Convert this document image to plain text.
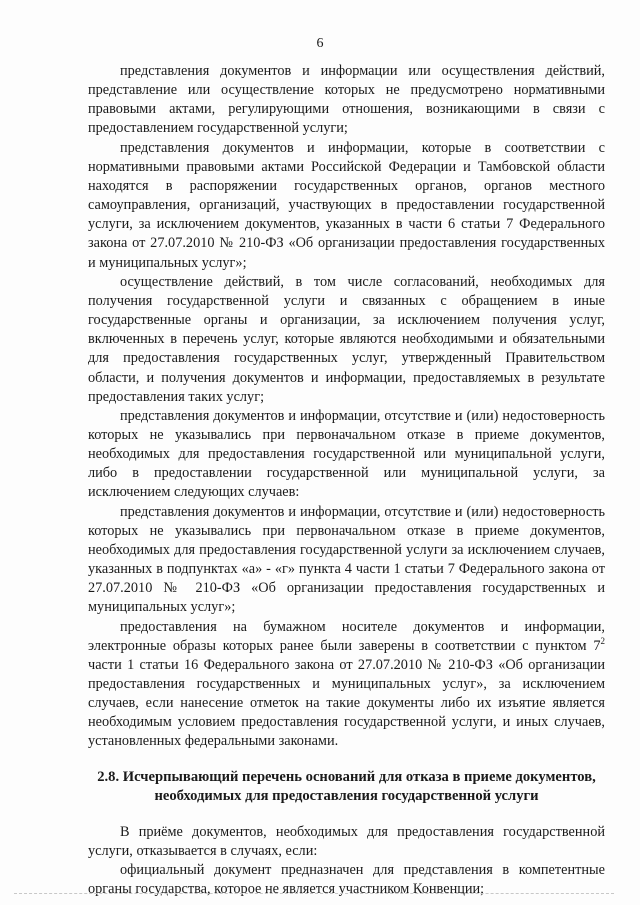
6

представления документов и информации или осуществления действий, представление или осуществление которых не предусмотрено нормативными правовыми актами, регулирующими отношения, возникающими в связи с предоставлением государственной услуги;

представления документов и информации, которые в соответствии с нормативными правовыми актами Российской Федерации и Тамбовской области находятся в распоряжении государственных органов, органов местного самоуправления, организаций, участвующих в предоставлении государственной услуги, за исключением документов, указанных в части 6 статьи 7 Федерального закона от 27.07.2010 № 210-ФЗ «Об организации предоставления государственных и муниципальных услуг»;

осуществление действий, в том числе согласований, необходимых для получения государственной услуги и связанных с обращением в иные государственные органы и организации, за исключением получения услуг, включенных в перечень услуг, которые являются необходимыми и обязательными для предоставления государственных услуг, утвержденный Правительством области, и получения документов и информации, предоставляемых в результате предоставления таких услуг;

представления документов и информации, отсутствие и (или) недостоверность которых не указывались при первоначальном отказе в приеме документов, необходимых для предоставления государственной или муниципальной услуги, либо в предоставлении государственной или муниципальной услуги, за исключением следующих случаев:

представления документов и информации, отсутствие и (или) недостоверность которых не указывались при первоначальном отказе в приеме документов, необходимых для предоставления государственной услуги за исключением случаев, указанных в подпунктах «а» - «г» пункта 4 части 1 статьи 7 Федерального закона от 27.07.2010 № 210-ФЗ «Об организации предоставления государственных и муниципальных услуг»;

предоставления на бумажном носителе документов и информации, электронные образы которых ранее были заверены в соответствии с пунктом $7^2$ части 1 статьи 16 Федерального закона от 27.07.2010 № 210-ФЗ «Об организации предоставления государственных и муниципальных услуг», за исключением случаев, если нанесение отметок на такие документы либо их изъятие является необходимым условием предоставления государственной услуги, и иных случаев, установленных федеральными законами.

2.8. Исчерпывающий перечень оснований для отказа в приеме документов, необходимых для предоставления государственной услуги

В приёме документов, необходимых для предоставления государственной услуги, отказывается в случаях, если:

официальный документ предназначен для представления в компетентные органы государства, которое не является участником Конвенции;
